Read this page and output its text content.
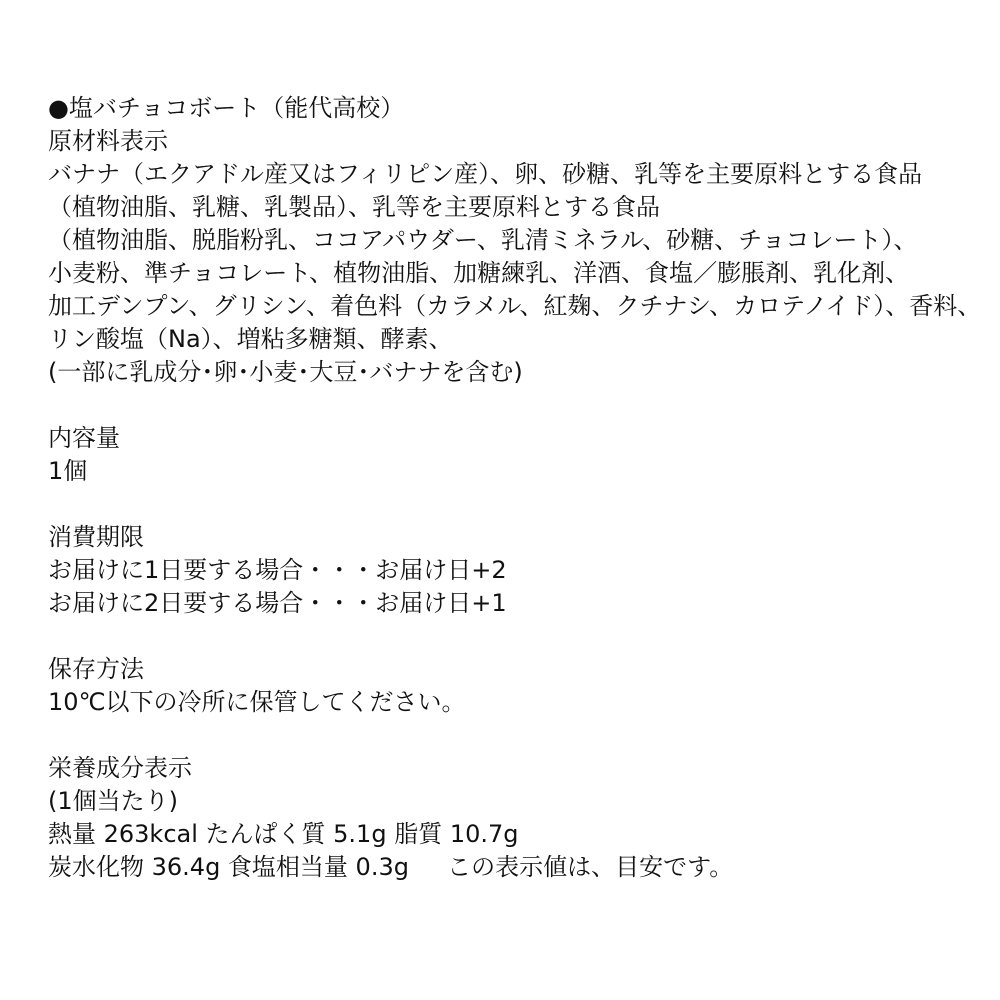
●塩バチョコボート（能代高校）
原材料表示
バナナ（エクアドル産又はフィリピン産）、卵、砂糖、乳等を主要原料とする食品
（植物油脂、乳糖、乳製品）、乳等を主要原料とする食品
（植物油脂、脱脂粉乳、ココアパウダー、乳清ミネラル、砂糖、チョコレート）、
小麦粉、準チョコレート、植物油脂、加糖練乳、洋酒、食塩／膨脹剤、乳化剤、
加工デンプン、グリシン、着色料（カラメル、紅麹、クチナシ、カロテノイド）、香料、
リン酸塩（Na）、増粘多糖類、酵素、
(一部に乳成分･卵･小麦･大豆･バナナを含む)
内容量
1個
消費期限
お届けに1日要する場合・・・お届け日+2
お届けに2日要する場合・・・お届け日+1
保存方法
10℃以下の冷所に保管してください。
栄養成分表示
(1個当たり)
熱量 263kcal たんぱく質 5.1g 脂質 10.7g
炭水化物 36.4g 食塩相当量 0.3g この表示値は、目安です。
